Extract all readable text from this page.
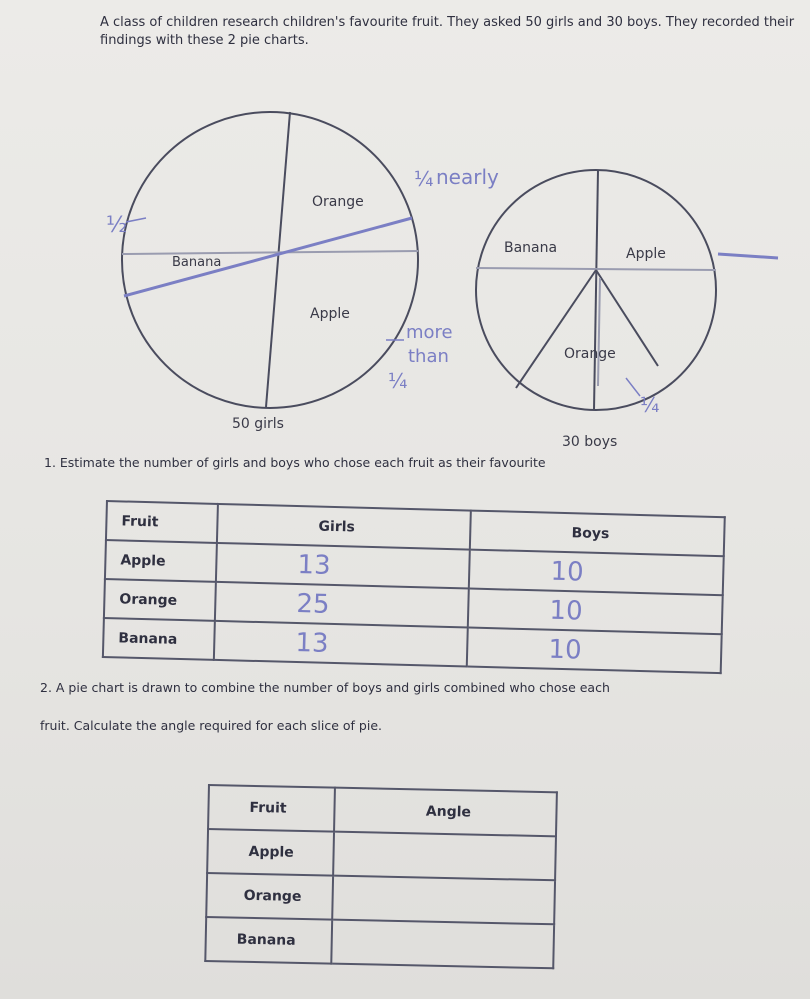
A class of children research children's favourite fruit. They asked 50 girls and 30 boys. They recorded their findings with these 2 pie charts.
Orange
Banana
Apple
50 girls
½
¼ nearly
more
than
¼
Banana	Apple
Orange
30 boys
¼
1. Estimate the number of girls and boys who chose each fruit as their favourite
Fruit	Girls	Boys
Apple	13	10
Orange	25	10
Banana	13	10
2. A pie chart is drawn to combine the number of boys and girls combined who chose each
fruit. Calculate the angle required for each slice of pie.
Fruit	Angle
Apple	
Orange	
Banana	
